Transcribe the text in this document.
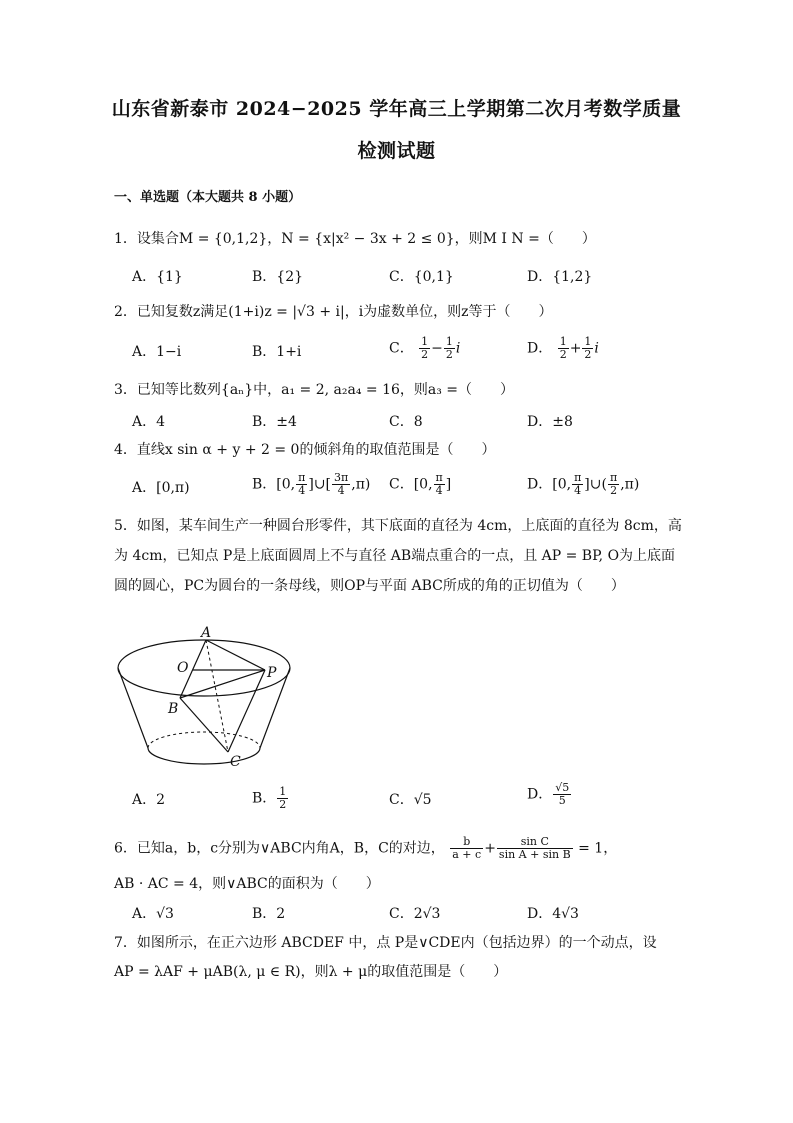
山东省新泰市 2024−2025 学年高三上学期第二次月考数学质量
检测试题
一、单选题（本大题共 8 小题）
1．设集合M = {0,1,2}，N = {x|x² − 3x + 2 ≤ 0}，则M I N =（　　）
A．{1}	B．{2}	C．{0,1}	D．{1,2}
2．已知复数z满足(1+i)z = |√3 + i|，i为虚数单位，则z等于（　　）
A．1−i	B．1+i	C． $\frac{1}{2} - \frac{1}{2}$ i	D． $\frac{1}{2} + \frac{1}{2}$ i
3．已知等比数列{aₙ}中，a₁ = 2, a₂a₄ = 16，则a₃ =（　　）
A．4	B．±4	C．8	D．±8
4．直线x sin α + y + 2 = 0的倾斜角的取值范围是（　　）
A．[0,π)	B．[0, $\frac{\pi}{4}$ ]∪[ $\frac{3\pi}{4} ,\pi$) C．[0, $\frac{\pi}{4}$ ]	D．[0, $\frac{\pi}{4}$ ]∪( $\frac{\pi}{2} ,\pi$)
5．如图，某车间生产一种圆台形零件，其下底面的直径为 4cm，上底面的直径为 8cm，高为 4cm，已知点 P是上底面圆周上不与直径 AB端点重合的一点，且 AP = BP, O为上底面圆的圆心，PC为圆台的一条母线，则OP与平面 ABC所成的角的正切值为（　　）
A
O	P
B
C
A．2	B． $\frac{1}{2}$	C．√5	D． $\frac{√5}{5}$
6．已知a，b，c分别为∨ABC内角A，B，C的对边， $\frac{b}{a + c} + \frac{\text{sin C}}{\text{sin A + sin B}} = 1$，
AB · AC = 4，则∨ABC的面积为（　　）
A．√3	B．2	C．2√3	D．4√3
7．如图所示，在正六边形 ABCDEF 中，点 P是∨CDE内（包括边界）的一个动点，设
AP = λAF + μAB(λ, μ ∈ R)，则λ + μ的取值范围是（　　）
